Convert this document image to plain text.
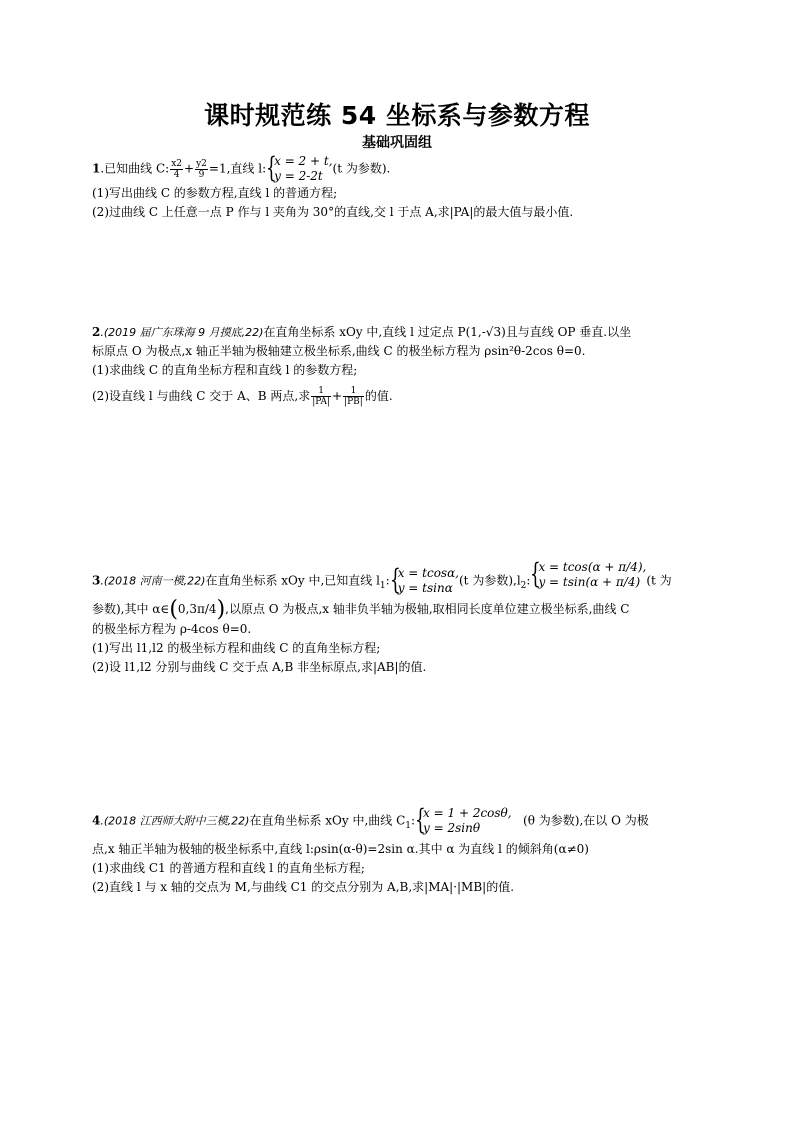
课时规范练 54 坐标系与参数方程
基础巩固组
1.已知曲线 C: $\frac{x2}{4} + \frac{y2}{9} =1$,直线 l: {
x = 2 + t,
y = 2-2t
(t 为参数).
(1)写出曲线 C 的参数方程,直线 l 的普通方程;
(2)过曲线 C 上任意一点 P 作与 l 夹角为 30°的直线,交 l 于点 A,求|PA|的最大值与最小值.
2.(2019 届广东珠海 9 月摸底,22)在直角坐标系 xOy 中,直线 l 过定点 P(1,-√3)且与直线 OP 垂直.以坐
标原点 O 为极点,x 轴正半轴为极轴建立极坐标系,曲线 C 的极坐标方程为 ρsin²θ-2cos θ=0.
(1)求曲线 C 的直角坐标方程和直线 l 的参数方程;
(2)设直线 l 与曲线 C 交于 A、B 两点,求 $\frac{1}{|PA|} + \frac{1}{|PB|}$ 的值.
3.(2018 河南一模,22)在直角坐标系 xOy 中,已知直线 $l_1$: {
x = tcosα,
y = tsinα
(t 为参数)$,l_2$: {
x = tcos(α + π/4),
y = tsin(α + π/4) (t 为
参数),其中 α∈(0,3π/4),以原点 O 为极点,x 轴非负半轴为极轴,取相同长度单位建立极坐标系,曲线 C
的极坐标方程为 ρ-4cos θ=0.
(1)写出 l1,l2 的极坐标方程和曲线 C 的直角坐标方程;
(2)设 l1,l2 分别与曲线 C 交于点 A,B 非坐标原点,求|AB|的值.
4.(2018 江西师大附中三模,22)在直角坐标系 xOy 中,曲线 $C_1$: {
x = 1 + 2cosθ,
y = 2sinθ
(θ 为参数),在以 O 为极
点,x 轴正半轴为极轴的极坐标系中,直线 l:ρsin(α-θ)=2sin α.其中 α 为直线 l 的倾斜角(α≠0)
(1)求曲线 C1 的普通方程和直线 l 的直角坐标方程;
(2)直线 l 与 x 轴的交点为 M,与曲线 C1 的交点分别为 A,B,求|MA|·|MB|的值.
